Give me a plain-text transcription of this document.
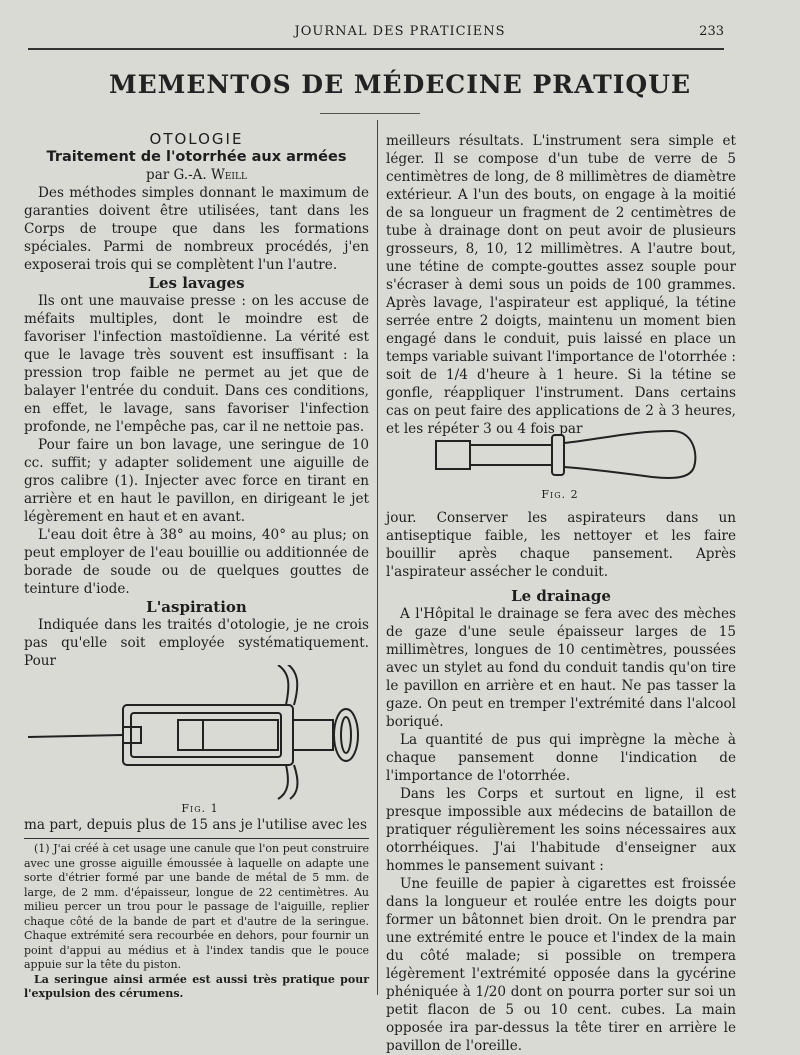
JOURNAL DES PRATICIENS	233
MEMENTOS DE MÉDECINE PRATIQUE

OTOLOGIE

Traitement de l'otorrhée aux armées

par G.-A. Weill

Des méthodes simples donnant le maximum de garanties doivent être utilisées, tant dans les Corps de troupe que dans les formations spéciales. Parmi de nombreux procédés, j'en exposerai trois qui se complètent l'un l'autre.

Les lavages

Ils ont une mauvaise presse : on les accuse de méfaits multiples, dont le moindre est de favoriser l'infection mastoïdienne. La vérité est que le lavage très souvent est insuffisant : la pression trop faible ne permet au jet que de balayer l'entrée du conduit. Dans ces conditions, en effet, le lavage, sans favoriser l'infection profonde, ne l'empêche pas, car il ne nettoie pas.

Pour faire un bon lavage, une seringue de 10 cc. suffit; y adapter solidement une aiguille de gros calibre (1). Injecter avec force en tirant en arrière et en haut le pavillon, en dirigeant le jet légèrement en haut et en avant.

L'eau doit être à 38° au moins, 40° au plus; on peut employer de l'eau bouillie ou additionnée de borade de soude ou de quelques gouttes de teinture d'iode.

L'aspiration

Indiquée dans les traités d'otologie, je ne crois pas qu'elle soit employée systématiquement. Pour

Fig. 1

ma part, depuis plus de 15 ans je l'utilise avec les

(1) J'ai créé à cet usage une canule que l'on peut construire avec une grosse aiguille émoussée à laquelle on adapte une sorte d'étrier formé par une bande de métal de 5 mm. de large, de 2 mm. d'épaisseur, longue de 22 centimètres. Au milieu percer un trou pour le passage de l'aiguille, replier chaque côté de la bande de part et d'autre de la seringue. Chaque extrémité sera recourbée en dehors, pour fournir un point d'appui au médius et à l'index tandis que le pouce appuie sur la tête du piston.

La seringue ainsi armée est aussi très pratique pour l'expulsion des cérumens.

meilleurs résultats. L'instrument sera simple et léger. Il se compose d'un tube de verre de 5 centimètres de long, de 8 millimètres de diamètre extérieur. A l'un des bouts, on engage à la moitié de sa longueur un fragment de 2 centimètres de tube à drainage dont on peut avoir de plusieurs grosseurs, 8, 10, 12 millimètres. A l'autre bout, une tétine de compte-gouttes assez souple pour s'écraser à demi sous un poids de 100 grammes. Après lavage, l'aspirateur est appliqué, la tétine serrée entre 2 doigts, maintenu un moment bien engagé dans le conduit, puis laissé en place un temps variable suivant l'importance de l'otorrhée : soit de 1/4 d'heure à 1 heure. Si la tétine se gonfle, réappliquer l'instrument. Dans certains cas on peut faire des applications de 2 à 3 heures, et les répéter 3 ou 4 fois par

Fig. 2

jour. Conserver les aspirateurs dans un antiseptique faible, les nettoyer et les faire bouillir après chaque pansement. Après l'aspirateur assécher le conduit.

Le drainage

A l'Hôpital le drainage se fera avec des mèches de gaze d'une seule épaisseur larges de 15 millimètres, longues de 10 centimètres, poussées avec un stylet au fond du conduit tandis qu'on tire le pavillon en arrière et en haut. Ne pas tasser la gaze. On peut en tremper l'extrémité dans l'alcool boriqué.

La quantité de pus qui imprègne la mèche à chaque pansement donne l'indication de l'importance de l'otorrhée.

Dans les Corps et surtout en ligne, il est presque impossible aux médecins de bataillon de pratiquer régulièrement les soins nécessaires aux otorrhéiques. J'ai l'habitude d'enseigner aux hommes le pansement suivant :

Une feuille de papier à cigarettes est froissée dans la longueur et roulée entre les doigts pour former un bâtonnet bien droit. On le prendra par une extrémité entre le pouce et l'index de la main du côté malade; si possible on trempera légèrement l'extrémité opposée dans la gycérine phéniquée à 1/20 dont on pourra porter sur soi un petit flacon de 5 ou 10 cent. cubes. La main opposée ira par-dessus la tête tirer en arrière le pavillon de l'oreille.
